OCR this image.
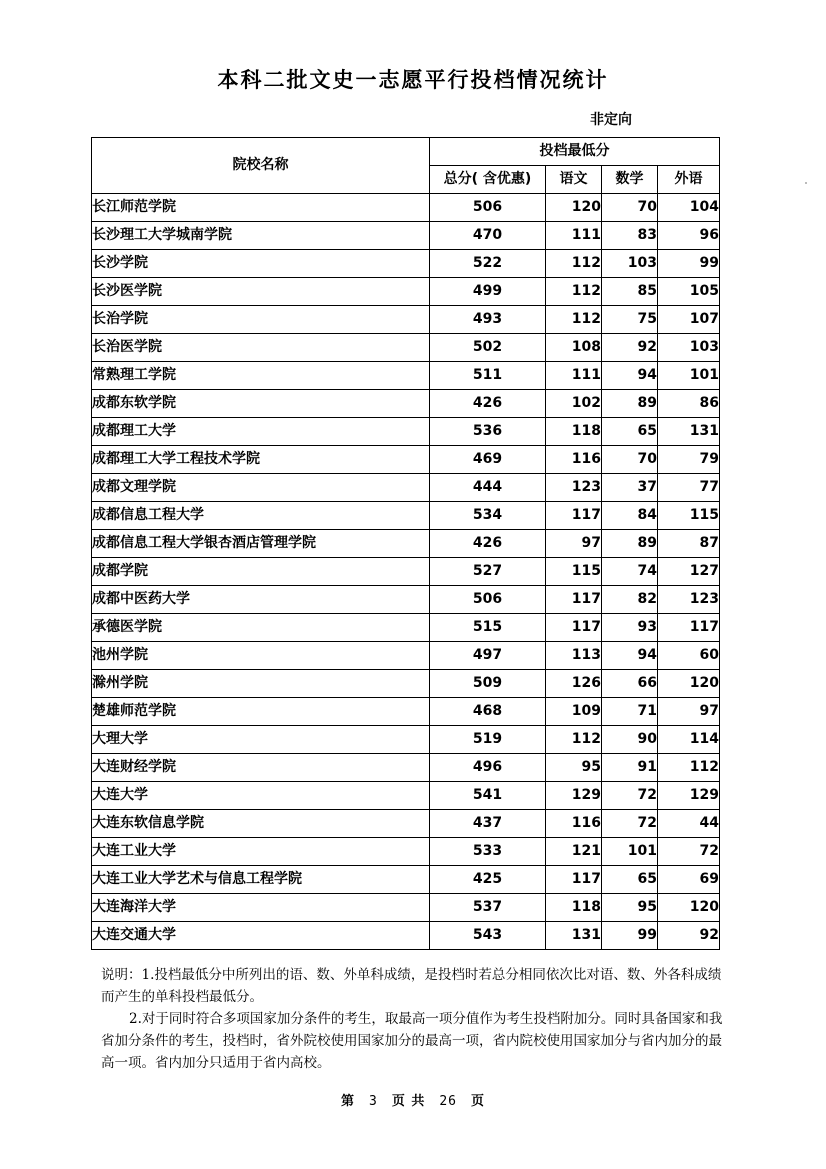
本科二批文史一志愿平行投档情况统计
非定向
院校名称	投档最低分			
	总分( 含优惠)	语文	数学	外语
长江师范学院	506	120	70	104
长沙理工大学城南学院	470	111	83	96
长沙学院	522	112	103	99
长沙医学院	499	112	85	105
长治学院	493	112	75	107
长治医学院	502	108	92	103
常熟理工学院	511	111	94	101
成都东软学院	426	102	89	86
成都理工大学	536	118	65	131
成都理工大学工程技术学院	469	116	70	79
成都文理学院	444	123	37	77
成都信息工程大学	534	117	84	115
成都信息工程大学银杏酒店管理学院	426	97	89	87
成都学院	527	115	74	127
成都中医药大学	506	117	82	123
承德医学院	515	117	93	117
池州学院	497	113	94	60
滁州学院	509	126	66	120
楚雄师范学院	468	109	71	97
大理大学	519	112	90	114
大连财经学院	496	95	91	112
大连大学	541	129	72	129
大连东软信息学院	437	116	72	44
大连工业大学	533	121	101	72
大连工业大学艺术与信息工程学院	425	117	65	69
大连海洋大学	537	118	95	120
大连交通大学	543	131	99	92

说明：1.投档最低分中所列出的语、数、外单科成绩，是投档时若总分相同依次比对语、数、外各科成绩而产生的单科投档最低分。

2.对于同时符合多项国家加分条件的考生，取最高一项分值作为考生投档附加分。同时具备国家和我省加分条件的考生，投档时，省外院校使用国家加分的最高一项，省内院校使用国家加分与省内加分的最高一项。省内加分只适用于省内高校。

第 3 页 共 26 页
